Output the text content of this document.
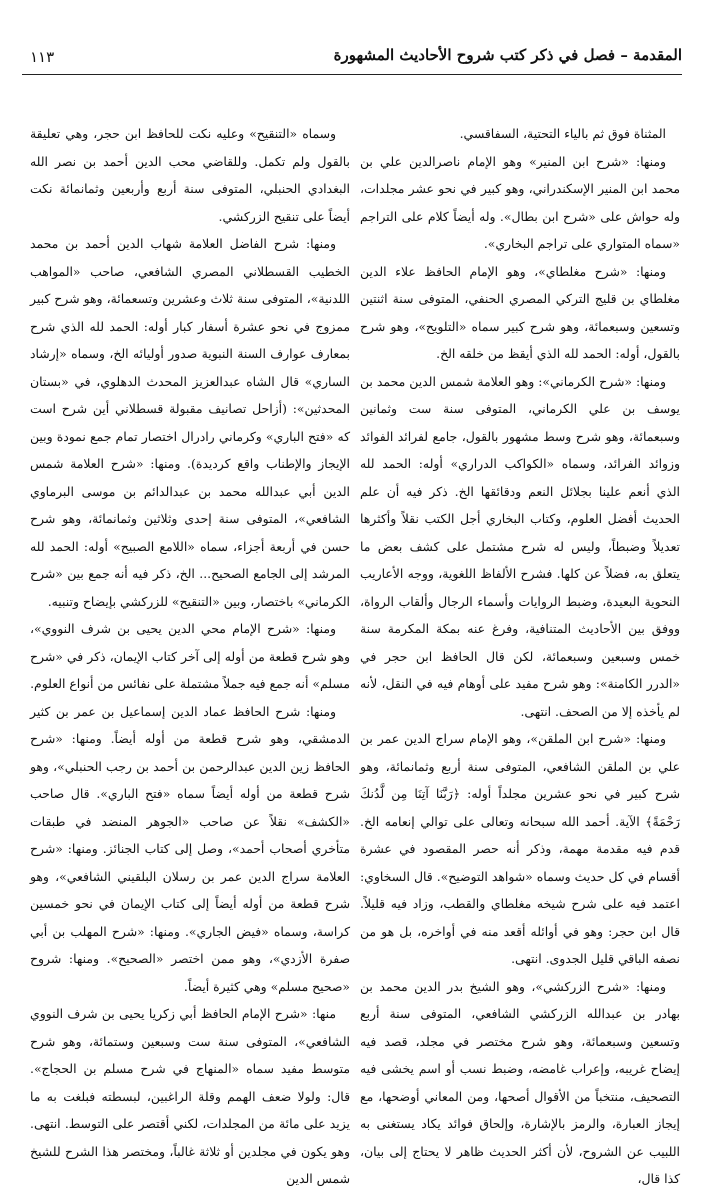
المقدمة – فصل في ذكر كتب شروح الأحاديث المشهورة
١١٣

المثناة فوق ثم بالياء التحتية، السفاقسي.

ومنها: «شرح ابن المنير» وهو الإمام ناصرالدين علي بن محمد ابن المنير الإسكندراني، وهو كبير في نحو عشر مجلدات، وله حواش على «شرح ابن بطال». وله أيضاً كلام على التراجم «سماه المتواري على تراجم البخاري».

ومنها: «شرح مغلطاي»، وهو الإمام الحافظ علاء الدين مغلطاي بن قليج التركي المصري الحنفي، المتوفى سنة اثنتين وتسعين وسبعمائة، وهو شرح كبير سماه «التلويح»، وهو شرح بالقول، أوله: الحمد لله الذي أيقظ من خلقه الخ.

ومنها: «شرح الكرماني»: وهو العلامة شمس الدين محمد بن يوسف بن علي الكرماني، المتوفى سنة ست وثمانين وسبعمائة، وهو شرح وسط مشهور بالقول، جامع لفرائد الفوائد وزوائد الفرائد، وسماه «الكواكب الدراري» أوله: الحمد لله الذي أنعم علينا بجلائل النعم ودقائقها الخ. ذكر فيه أن علم الحديث أفضل العلوم، وكتاب البخاري أجل الكتب نقلاً وأكثرها تعديلاً وضبطاً، وليس له شرح مشتمل على كشف بعض ما يتعلق به، فضلاً عن كلها. فشرح الألفاظ اللغوية، ووجه الأعاريب النحوية البعيدة، وضبط الروايات وأسماء الرجال وألقاب الرواة، ووفق بين الأحاديث المتنافية، وفرغ عنه بمكة المكرمة سنة خمس وسبعين وسبعمائة، لكن قال الحافظ ابن حجر في «الدرر الكامنة»: وهو شرح مفيد على أوهام فيه في النقل، لأنه لم يأخذه إلا من الصحف. انتهى.

ومنها: «شرح ابن الملقن»، وهو الإمام سراج الدين عمر بن علي بن الملقن الشافعي، المتوفى سنة أربع وثمانمائة، وهو شرح كبير في نحو عشرين مجلداً أوله: ﴿رَبَّنَا آتِنَا مِن لَّدُنكَ رَحْمَةً﴾ الآية. أحمد الله سبحانه وتعالى على توالي إنعامه الخ. قدم فيه مقدمة مهمة، وذكر أنه حصر المقصود في عشرة أقسام في كل حديث وسماه «شواهد التوضيح». قال السخاوي: اعتمد فيه على شرح شيخه مغلطاي والقطب، وزاد فيه قليلاً. قال ابن حجر: وهو في أوائله أقعد منه في أواخره، بل هو من نصفه الباقي قليل الجدوى. انتهى.

ومنها: «شرح الزركشي»، وهو الشيخ بدر الدين محمد بن بهادر بن عبدالله الزركشي الشافعي، المتوفى سنة أربع وتسعين وسبعمائة، وهو شرح مختصر في مجلد، قصد فيه إيضاح غريبه، وإعراب غامضه، وضبط نسب أو اسم يخشى فيه التصحيف، منتخباً من الأقوال أصحها، ومن المعاني أوضحها، مع إيجاز العبارة، والرمز بالإشارة، وإلحاق فوائد يكاد يستغنى به اللبيب عن الشروح، لأن أكثر الحديث ظاهر لا يحتاج إلى بيان، كذا قال،

وسماه «التنقيح» وعليه نكت للحافظ ابن حجر، وهي تعليقة بالقول ولم تكمل. وللقاضي محب الدين أحمد بن نصر الله البغدادي الحنبلي، المتوفى سنة أربع وأربعين وثمانمائة نكت أيضاً على تنقيح الزركشي.

ومنها: شرح الفاضل العلامة شهاب الدين أحمد بن محمد الخطيب القسطلاني المصري الشافعي، صاحب «المواهب اللدنية»، المتوفى سنة ثلاث وعشرين وتسعمائة، وهو شرح كبير ممزوج في نحو عشرة أسفار كبار أوله: الحمد لله الذي شرح بمعارف عوارف السنة النبوية صدور أوليائه الخ، وسماه «إرشاد الساري» قال الشاه عبدالعزيز المحدث الدهلوي، في «بستان المحدثين»: (أزاحل تصانيف مقبولة قسطلاني أين شرح است كه «فتح الباري» وكرماني رادرال اختصار تمام جمع نمودة وبين الإيجاز والإطناب واقع كرديدة). ومنها: «شرح العلامة شمس الدين أبي عبدالله محمد بن عبدالدائم بن موسى البرماوي الشافعي»، المتوفى سنة إحدى وثلاثين وثمانمائة، وهو شرح حسن في أربعة أجزاء، سماه «اللامع الصبيح» أوله: الحمد لله المرشد إلى الجامع الصحيح... الخ، ذكر فيه أنه جمع بين «شرح الكرماني» باختصار، وبين «التنقيح» للزركشي بإيضاح وتنبيه.

ومنها: «شرح الإمام محي الدين يحيى بن شرف النووي»، وهو شرح قطعة من أوله إلى آخر كتاب الإيمان، ذكر في «شرح مسلم» أنه جمع فيه جملاً مشتملة على نفائس من أنواع العلوم.

ومنها: شرح الحافظ عماد الدين إسماعيل بن عمر بن كثير الدمشقي، وهو شرح قطعة من أوله أيضاً. ومنها: «شرح الحافظ زين الدين عبدالرحمن بن أحمد بن رجب الحنبلي»، وهو شرح قطعة من أوله أيضاً سماه «فتح الباري». قال صاحب «الكشف» نقلاً عن صاحب «الجوهر المنضد في طبقات متأخري أصحاب أحمد»، وصل إلى كتاب الجنائز. ومنها: «شرح العلامة سراج الدين عمر بن رسلان البلقيني الشافعي»، وهو شرح قطعة من أوله أيضاً إلى كتاب الإيمان في نحو خمسين كراسة، وسماه «فيض الجاري». ومنها: «شرح المهلب بن أبي صفرة الأزدي»، وهو ممن اختصر «الصحيح». ومنها: شروح «صحيح مسلم» وهي كثيرة أيضاً.

منها: «شرح الإمام الحافظ أبي زكريا يحيى بن شرف النووي الشافعي»، المتوفى سنة ست وسبعين وستمائة، وهو شرح متوسط مفيد سماه «المنهاج في شرح مسلم بن الحجاج». قال: ولولا ضعف الهمم وقلة الراغبين، لبسطته فبلغت به ما يزيد على مائة من المجلدات، لكني أقتصر على التوسط. انتهى. وهو يكون في مجلدين أو ثلاثة غالباً، ومختصر هذا الشرح للشيخ شمس الدين
